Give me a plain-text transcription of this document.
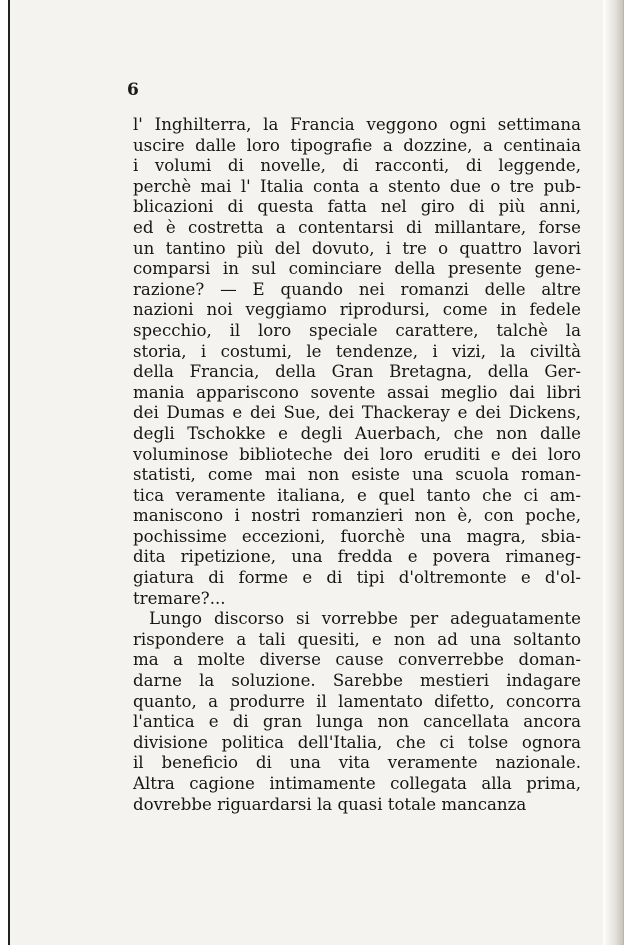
6
l' Inghilterra, la Francia veggono ogni settimana
uscire dalle loro tipografie a dozzine, a centinaia
i volumi di novelle, di racconti, di leggende,
perchè mai l' Italia conta a stento due o tre pub-
blicazioni di questa fatta nel giro di più anni,
ed è costretta a contentarsi di millantare, forse
un tantino più del dovuto, i tre o quattro lavori
comparsi in sul cominciare della presente gene-
razione? — E quando nei romanzi delle altre
nazioni noi veggiamo riprodursi, come in fedele
specchio, il loro speciale carattere, talchè la
storia, i costumi, le tendenze, i vizi, la civiltà
della Francia, della Gran Bretagna, della Ger-
mania appariscono sovente assai meglio dai libri
dei Dumas e dei Sue, dei Thackeray e dei Dickens,
degli Tschokke e degli Auerbach, che non dalle
voluminose biblioteche dei loro eruditi e dei loro
statisti, come mai non esiste una scuola roman-
tica veramente italiana, e quel tanto che ci am-
maniscono i nostri romanzieri non è, con poche,
pochissime eccezioni, fuorchè una magra, sbia-
dita ripetizione, una fredda e povera rimaneg-
giatura di forme e di tipi d'oltremonte e d'ol-
tremare?...
Lungo discorso si vorrebbe per adeguatamente
rispondere a tali quesiti, e non ad una soltanto
ma a molte diverse cause converrebbe doman-
darne la soluzione. Sarebbe mestieri indagare
quanto, a produrre il lamentato difetto, concorra
l'antica e di gran lunga non cancellata ancora
divisione politica dell'Italia, che ci tolse ognora
il beneficio di una vita veramente nazionale.
Altra cagione intimamente collegata alla prima,
dovrebbe riguardarsi la quasi totale mancanza
